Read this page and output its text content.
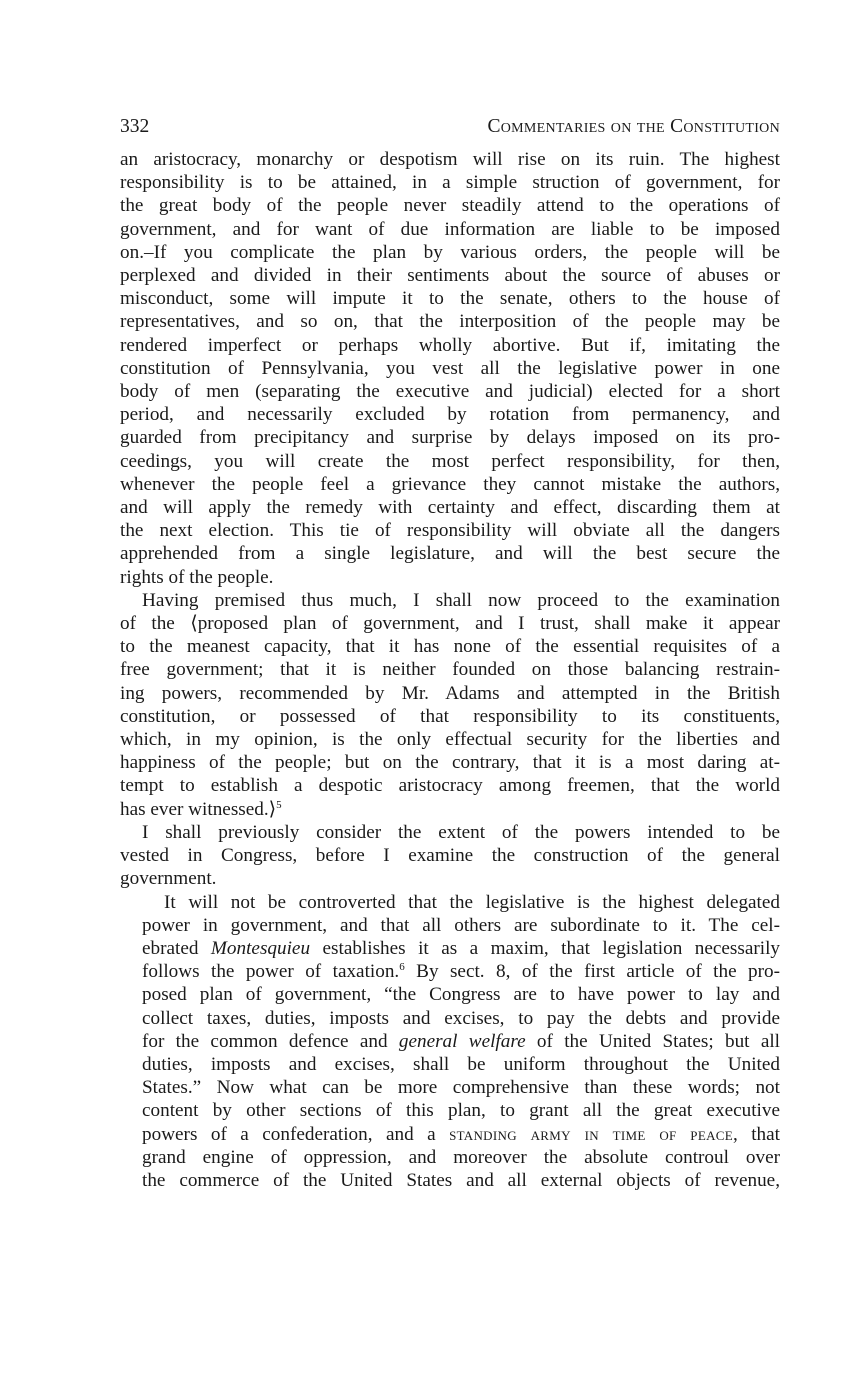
332	Commentaries on the Constitution

an aristocracy, monarchy or despotism will rise on its ruin. The highest
responsibility is to be attained, in a simple struction of government, for
the great body of the people never steadily attend to the operations of
government, and for want of due information are liable to be imposed
on.–If you complicate the plan by various orders, the people will be
perplexed and divided in their sentiments about the source of abuses or
misconduct, some will impute it to the senate, others to the house of
representatives, and so on, that the interposition of the people may be
rendered imperfect or perhaps wholly abortive. But if, imitating the
constitution of Pennsylvania, you vest all the legislative power in one
body of men (separating the executive and judicial) elected for a short
period, and necessarily excluded by rotation from permanency, and
guarded from precipitancy and surprise by delays imposed on its pro-
ceedings, you will create the most perfect responsibility, for then,
whenever the people feel a grievance they cannot mistake the authors,
and will apply the remedy with certainty and effect, discarding them at
the next election. This tie of responsibility will obviate all the dangers
apprehended from a single legislature, and will the best secure the
rights of the people.

Having premised thus much, I shall now proceed to the examination
of the ⟨proposed plan of government, and I trust, shall make it appear
to the meanest capacity, that it has none of the essential requisites of a
free government; that it is neither founded on those balancing restrain-
ing powers, recommended by Mr. Adams and attempted in the British
constitution, or possessed of that responsibility to its constituents,
which, in my opinion, is the only effectual security for the liberties and
happiness of the people; but on the contrary, that it is a most daring at-
tempt to establish a despotic aristocracy among freemen, that the world
has ever witnessed.⟩$^5$

I shall previously consider the extent of the powers intended to be
vested in Congress, before I examine the construction of the general
government.

It will not be controverted that the legislative is the highest delegated
power in government, and that all others are subordinate to it. The cel-
ebrated Montesquieu establishes it as a maxim, that legislation necessarily
follows the power of taxation.$^6$ By sect. 8, of the first article of the pro-
posed plan of government, “the Congress are to have power to lay and
collect taxes, duties, imposts and excises, to pay the debts and provide
for the common defence and general welfare of the United States; but all
duties, imposts and excises, shall be uniform throughout the United
States.” Now what can be more comprehensive than these words; not
content by other sections of this plan, to grant all the great executive
powers of a confederation, and a standing army in time of peace, that
grand engine of oppression, and moreover the absolute controul over
the commerce of the United States and all external objects of revenue,
